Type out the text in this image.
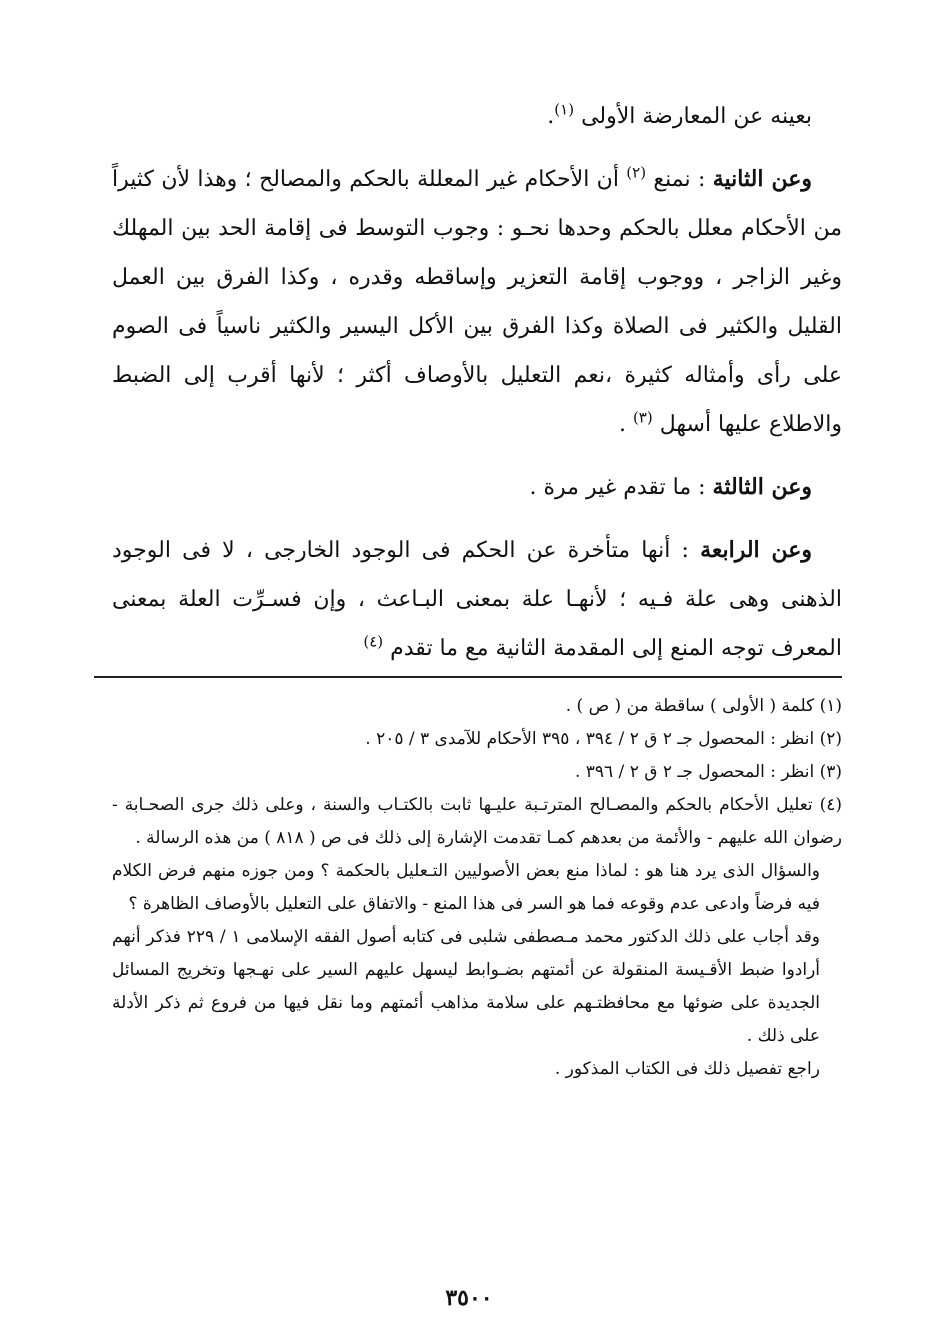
بعينه عن المعارضة الأولى $^{(١)}$.

وعن الثانية : نمنع $^{(٢)}$ أن الأحكام غير المعللة بالحكم والمصالح ؛ وهذا لأن كثيراً من الأحكام معلل بالحكم وحدها نحـو : وجوب التوسط فى إقامة الحد بين المهلك وغير الزاجر ، ووجوب إقامة التعزير وإساقطه وقدره ، وكذا الفرق بين العمل القليل والكثير فى الصلاة وكذا الفرق بين الأكل اليسير والكثير ناسياً فى الصوم على رأى وأمثاله كثيرة ،نعم التعليل بالأوصاف أكثر ؛ لأنها أقرب إلى الضبط والاطلاع عليها أسهل $^{(٣)}$ .

وعن الثالثة : ما تقدم غير مرة .

وعن الرابعة : أنها متأخرة عن الحكم فى الوجود الخارجى ، لا فى الوجود الذهنى وهى علة فـيه ؛ لأنهـا علة بمعنى البـاعث ، وإن فسـرِّت العلة بمعنى المعرف توجه المنع إلى المقدمة الثانية مع ما تقدم $^{(٤)}$

(١) كلمة ( الأولى ) ساقطة من ( ص ) .

(٢) انظر : المحصول جـ ٢ ق ٢ / ٣٩٤ ، ٣٩٥ الأحكام للآمدى ٣ / ٢٠٥ .

(٣) انظر : المحصول جـ ٢ ق ٢ / ٣٩٦ .

(٤) تعليل الأحكام بالحكم والمصـالح المترتـبة عليـها ثابت بالكتـاب والسنة ، وعلى ذلك جرى الصحـابة - رضوان الله عليهم - والأئمة من بعدهم كمـا تقدمت الإشارة إلى ذلك فى ص ( ٨١٨ ) من هذه الرسالة .

والسؤال الذى يرد هنا هو : لماذا منع بعض الأصوليين التـعليل بالحكمة ؟ ومن جوزه منهم فرض الكلام فيه فرضاً وادعى عدم وقوعه فما هو السر فى هذا المنع - والاتفاق على التعليل بالأوصاف الظاهرة ؟

وقد أجاب على ذلك الدكتور محمد مـصطفى شلبى فى كتابه أصول الفقه الإسلامى ١ / ٢٢٩ فذكر أنهم أرادوا ضبط الأقـيسة المنقولة عن أئمتهم بضـوابط ليسهل عليهم السير على نهـجها وتخريج المسائل الجديدة على ضوئها مع محافظتـهم على سلامة مذاهب أئمتهم وما نقل فيها من فروع ثم ذكر الأدلة على ذلك .

راجع تفصيل ذلك فى الكتاب المذكور .

٣٥٠٠
